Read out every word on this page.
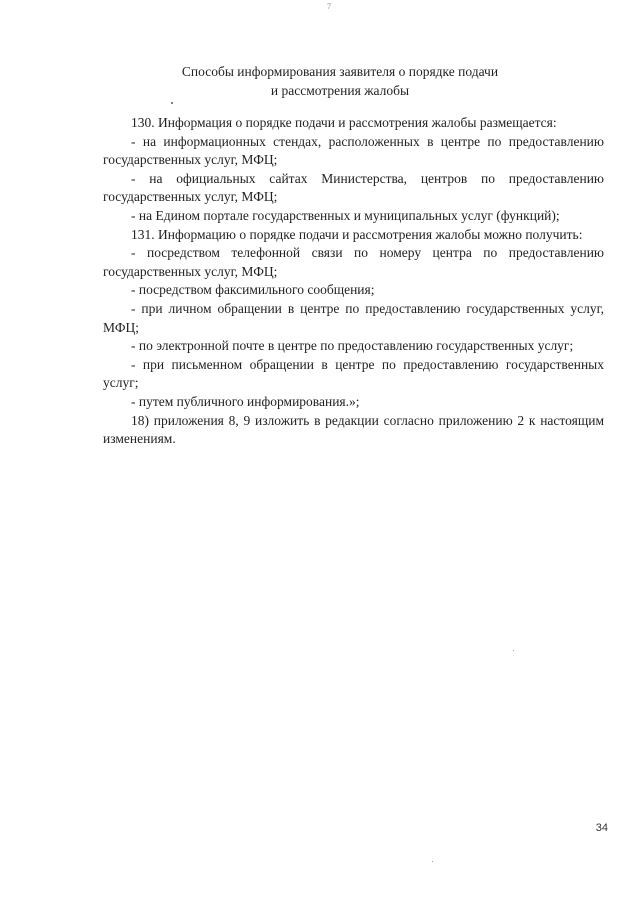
7
Способы информирования заявителя о порядке подачи
и рассмотрения жалобы

130. Информация о порядке подачи и рассмотрения жалобы размещается:

- на информационных стендах, расположенных в центре по предоставлению государственных услуг, МФЦ;

- на официальных сайтах Министерства, центров по предоставлению государственных услуг, МФЦ;

- на Едином портале государственных и муниципальных услуг (функций);

131. Информацию о порядке подачи и рассмотрения жалобы можно получить:

- посредством телефонной связи по номеру центра по предоставлению государственных услуг, МФЦ;

- посредством факсимильного сообщения;

- при личном обращении в центре по предоставлению государственных услуг, МФЦ;

- по электронной почте в центре по предоставлению государственных услуг;

- при письменном обращении в центре по предоставлению государственных услуг;

- путем публичного информирования.»;

18) приложения 8, 9 изложить в редакции согласно приложению 2 к настоящим изменениям.

34
